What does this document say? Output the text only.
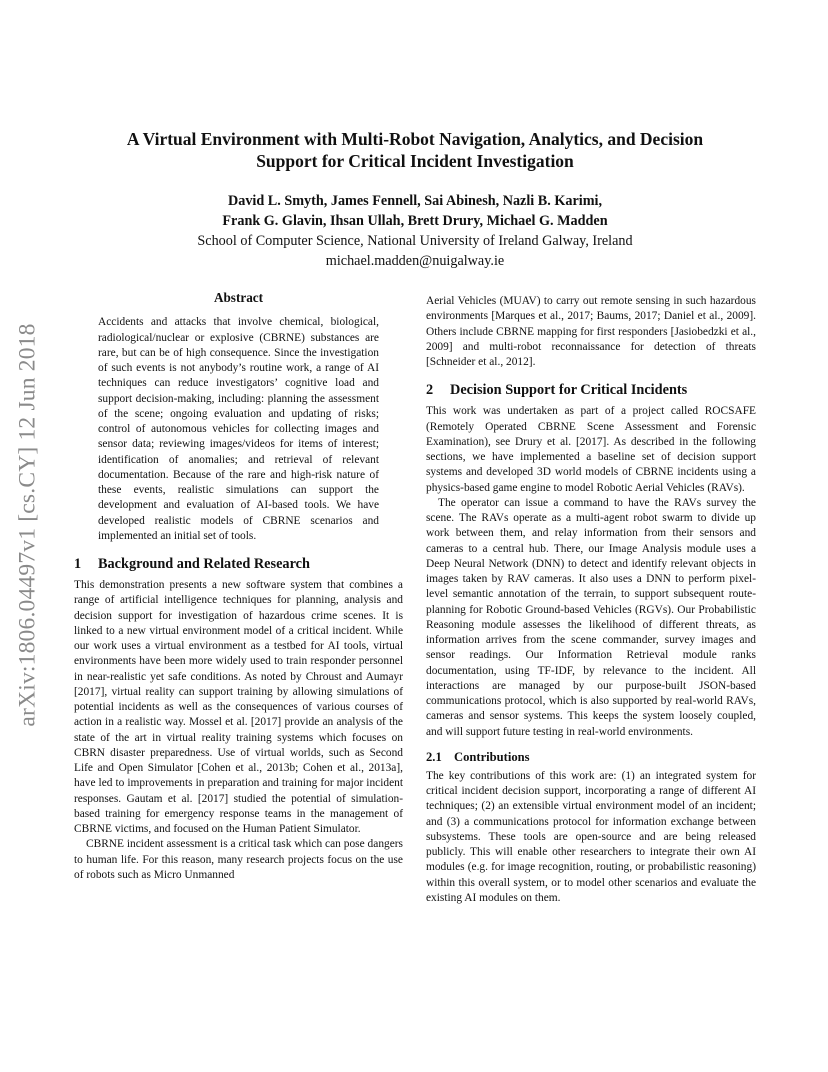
arXiv:1806.04497v1 [cs.CY] 12 Jun 2018
A Virtual Environment with Multi-Robot Navigation, Analytics, and Decision
Support for Critical Incident Investigation
David L. Smyth, James Fennell, Sai Abinesh, Nazli B. Karimi,
Frank G. Glavin, Ihsan Ullah, Brett Drury, Michael G. Madden
School of Computer Science, National University of Ireland Galway, Ireland
michael.madden@nuigalway.ie
Abstract

Accidents and attacks that involve chemical, biological, radiological/nuclear or explosive (CBRNE) substances are rare, but can be of high consequence. Since the investigation of such events is not anybody’s routine work, a range of AI techniques can reduce investigators’ cognitive load and support decision-making, including: planning the assessment of the scene; ongoing evaluation and updating of risks; control of autonomous vehicles for collecting images and sensor data; reviewing images/videos for items of interest; identification of anomalies; and retrieval of relevant documentation. Because of the rare and high-risk nature of these events, realistic simulations can support the development and evaluation of AI-based tools. We have developed realistic models of CBRNE scenarios and implemented an initial set of tools.

1 Background and Related Research

This demonstration presents a new software system that combines a range of artificial intelligence techniques for planning, analysis and decision support for investigation of hazardous crime scenes. It is linked to a new virtual environment model of a critical incident. While our work uses a virtual environment as a testbed for AI tools, virtual environments have been more widely used to train responder personnel in near-realistic yet safe conditions. As noted by Chroust and Aumayr [2017], virtual reality can support training by allowing simulations of potential incidents as well as the consequences of various courses of action in a realistic way. Mossel et al. [2017] provide an analysis of the state of the art in virtual reality training systems which focuses on CBRN disaster preparedness. Use of virtual worlds, such as Second Life and Open Simulator [Cohen et al., 2013b; Cohen et al., 2013a], have led to improvements in preparation and training for major incident responses. Gautam et al. [2017] studied the potential of simulation-based training for emergency response teams in the management of CBRNE victims, and focused on the Human Patient Simulator.

CBRNE incident assessment is a critical task which can pose dangers to human life. For this reason, many research projects focus on the use of robots such as Micro Unmanned

Aerial Vehicles (MUAV) to carry out remote sensing in such hazardous environments [Marques et al., 2017; Baums, 2017; Daniel et al., 2009]. Others include CBRNE mapping for first responders [Jasiobedzki et al., 2009] and multi-robot reconnaissance for detection of threats [Schneider et al., 2012].

2 Decision Support for Critical Incidents

This work was undertaken as part of a project called ROCSAFE (Remotely Operated CBRNE Scene Assessment and Forensic Examination), see Drury et al. [2017]. As described in the following sections, we have implemented a baseline set of decision support systems and developed 3D world models of CBRNE incidents using a physics-based game engine to model Robotic Aerial Vehicles (RAVs).

The operator can issue a command to have the RAVs survey the scene. The RAVs operate as a multi-agent robot swarm to divide up work between them, and relay information from their sensors and cameras to a central hub. There, our Image Analysis module uses a Deep Neural Network (DNN) to detect and identify relevant objects in images taken by RAV cameras. It also uses a DNN to perform pixel-level semantic annotation of the terrain, to support subsequent route-planning for Robotic Ground-based Vehicles (RGVs). Our Probabilistic Reasoning module assesses the likelihood of different threats, as information arrives from the scene commander, survey images and sensor readings. Our Information Retrieval module ranks documentation, using TF-IDF, by relevance to the incident. All interactions are managed by our purpose-built JSON-based communications protocol, which is also supported by real-world RAVs, cameras and sensor systems. This keeps the system loosely coupled, and will support future testing in real-world environments.

2.1 Contributions

The key contributions of this work are: (1) an integrated system for critical incident decision support, incorporating a range of different AI techniques; (2) an extensible virtual environment model of an incident; and (3) a communications protocol for information exchange between subsystems. These tools are open-source and are being released publicly. This will enable other researchers to integrate their own AI modules (e.g. for image recognition, routing, or probabilistic reasoning) within this overall system, or to model other scenarios and evaluate the existing AI modules on them.
